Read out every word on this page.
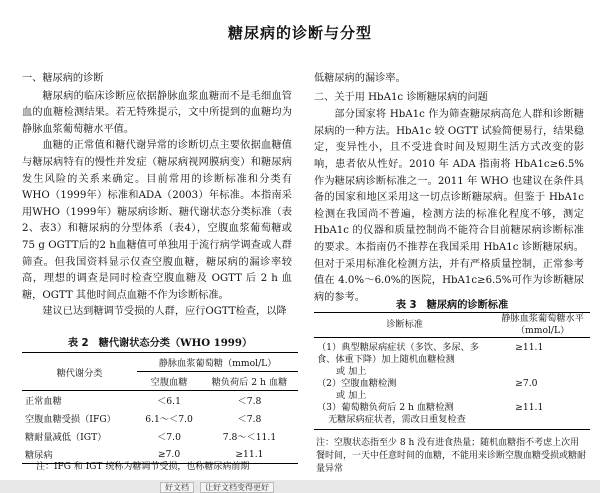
糖尿病的诊断与分型

一、糖尿病的诊断

糖尿病的临床诊断应依据静脉血浆血糖而不是毛细血管血的血糖检测结果。若无特殊提示，文中所提到的血糖均为静脉血浆葡萄糖水平值。

血糖的正常值和糖代谢异常的诊断切点主要依据血糖值与糖尿病特有的慢性并发症（糖尿病视网膜病变）和糖尿病发生风险的关系来确定。目前常用的诊断标准和分类有WHO（1999年）标准和ADA（2003）年标准。本指南采用WHO（1999年）糖尿病诊断、糖代谢状态分类标准（表2、表3）和糖尿病的分型体系（表4），空腹血浆葡萄糖或75 g OGTT后的2 h血糖值可单独用于流行病学调查或人群筛查。但我国资料显示仅查空腹血糖，糖尿病的漏诊率较高，理想的调查是同时检查空腹血糖及 OGTT 后 2 h 血糖，OGTT 其他时间点血糖不作为诊断标准。

建议已达到糖调节受损的人群，应行OGTT检查，以降

低糖尿病的漏诊率。

二、关于用 HbA1c 诊断糖尿病的问题

部分国家将 HbA1c 作为筛查糖尿病高危人群和诊断糖尿病的一种方法。HbA1c 较 OGTT 试验简便易行，结果稳定，变异性小，且不受进食时间及短期生活方式改变的影响，患者依从性好。2010 年 ADA 指南将 HbA1c≥6.5%作为糖尿病诊断标准之一。2011 年 WHO 也建议在条件具备的国家和地区采用这一切点诊断糖尿病。但鉴于 HbA1c 检测在我国尚不普遍，检测方法的标准化程度不够，测定 HbA1c 的仪器和质量控制尚不能符合目前糖尿病诊断标准的要求。本指南仍不推荐在我国采用 HbA1c 诊断糖尿病。但对于采用标准化检测方法，并有严格质量控制，正常参考值在 4.0%～6.0%的医院，HbA1c≥6.5%可作为诊断糖尿病的参考。

表 2 糖代谢状态分类（WHO 1999）
糖代谢分类	静脉血浆葡萄糖（mmol/L）	
	空腹血糖	糖负荷后 2 h 血糖
正常血糖	＜6.1	＜7.8
空腹血糖受损（IFG）	6.1～＜7.0	＜7.8
糖耐量减低（IGT）	＜7.0	7.8～＜11.1
糖尿病	≥7.0	≥11.1
注：IFG 和 IGT 统称为糖调节受损，也称糖尿病前期
表 3 糖尿病的诊断标准
诊断标准	静脉血浆葡萄糖水平（mmol/L）
（1）典型糖尿病症状（多饮、多尿、多食、体重下降）加上随机血糖检测	≥11.1
或 加上	
（2）空腹血糖检测	≥7.0
或 加上	
（3）葡萄糖负荷后 2 h 血糖检测	≥11.1
无糖尿病症状者，需改日重复检查	
注：空腹状态指至少 8 h 没有进食热量；随机血糖指不考虑上次用餐时间，一天中任意时间的血糖，不能用来诊断空腹血糖受损或糖耐量异常
好文档	让好文档变得更好
